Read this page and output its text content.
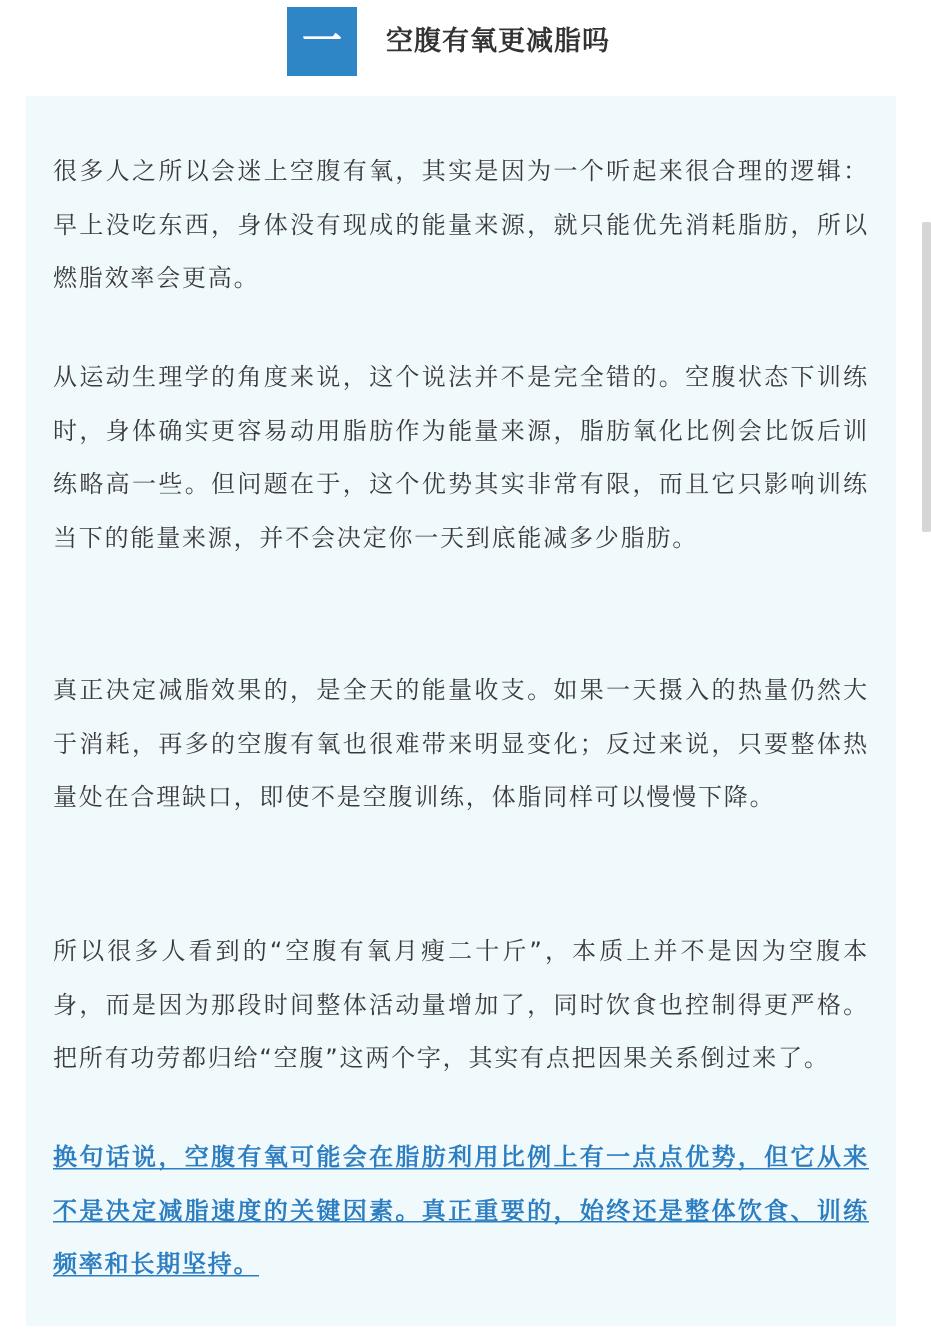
一	空腹有氧更减脂吗

很多人之所以会迷上空腹有氧，其实是因为一个听起来很合理的逻辑：早上没吃东西，身体没有现成的能量来源，就只能优先消耗脂肪，所以燃脂效率会更高。

从运动生理学的角度来说，这个说法并不是完全错的。空腹状态下训练时，身体确实更容易动用脂肪作为能量来源，脂肪氧化比例会比饭后训练略高一些。但问题在于，这个优势其实非常有限，而且它只影响训练当下的能量来源，并不会决定你一天到底能减多少脂肪。

真正决定减脂效果的，是全天的能量收支。如果一天摄入的热量仍然大于消耗，再多的空腹有氧也很难带来明显变化；反过来说，只要整体热量处在合理缺口，即使不是空腹训练，体脂同样可以慢慢下降。

所以很多人看到的“空腹有氧月瘦二十斤”，本质上并不是因为空腹本身，而是因为那段时间整体活动量增加了，同时饮食也控制得更严格。把所有功劳都归给“空腹”这两个字，其实有点把因果关系倒过来了。

换句话说，空腹有氧可能会在脂肪利用比例上有一点点优势，但它从来不是决定减脂速度的关键因素。真正重要的，始终还是整体饮食、训练频率和长期坚持。
